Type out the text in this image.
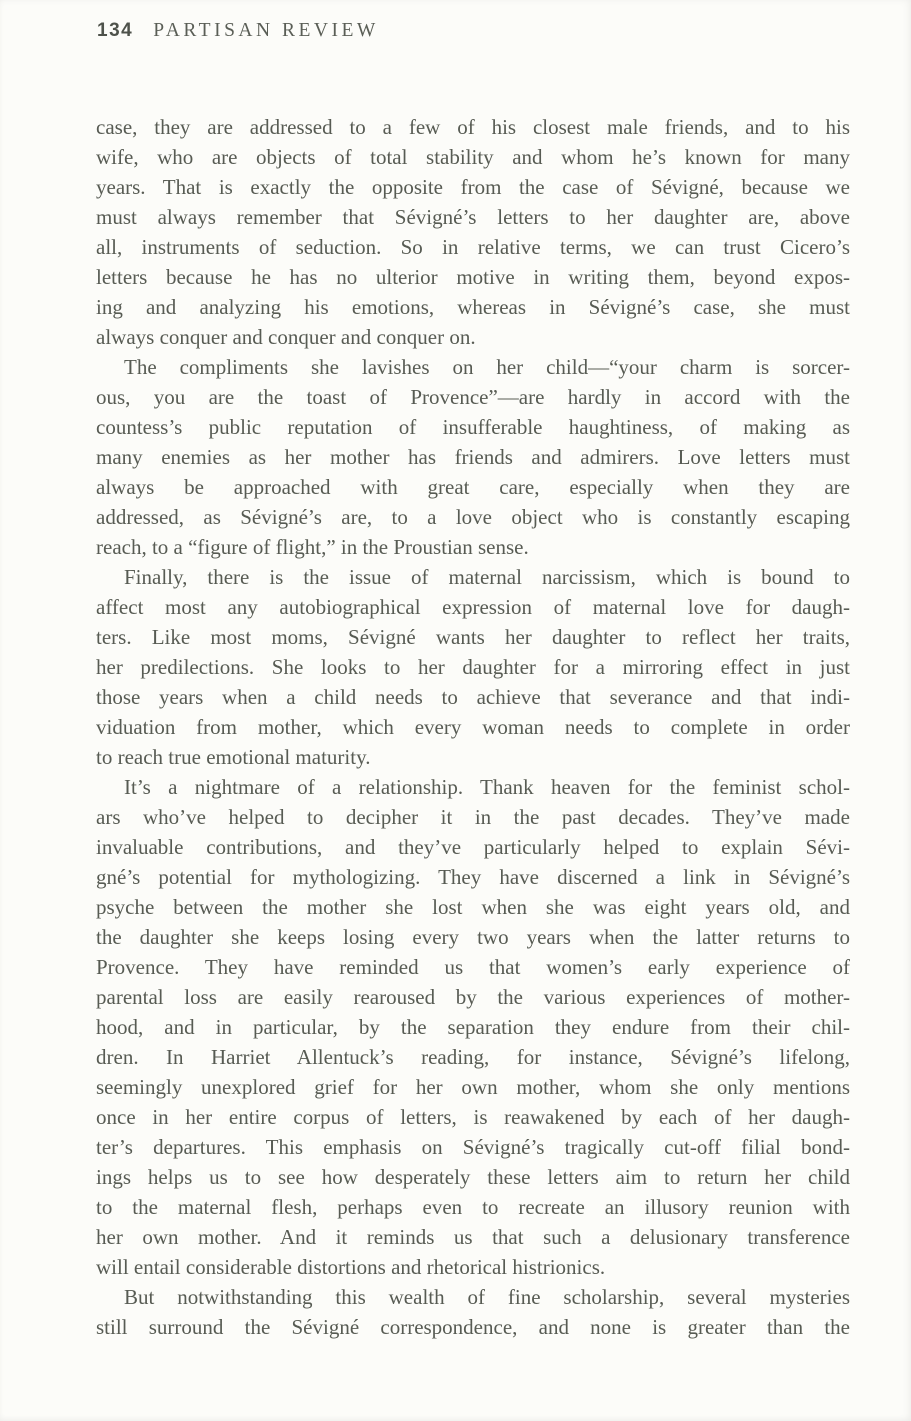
134 PARTISAN REVIEW
case, they are addressed to a few of his closest male friends, and to his
wife, who are objects of total stability and whom he’s known for many
years. That is exactly the opposite from the case of Sévigné, because we
must always remember that Sévigné’s letters to her daughter are, above
all, instruments of seduction. So in relative terms, we can trust Cicero’s
letters because he has no ulterior motive in writing them, beyond expos-
ing and analyzing his emotions, whereas in Sévigné’s case, she must
always conquer and conquer and conquer on.
The compliments she lavishes on her child—“your charm is sorcer-
ous, you are the toast of Provence”—are hardly in accord with the
countess’s public reputation of insufferable haughtiness, of making as
many enemies as her mother has friends and admirers. Love letters must
always be approached with great care, especially when they are
addressed, as Sévigné’s are, to a love object who is constantly escaping
reach, to a “figure of flight,” in the Proustian sense.
Finally, there is the issue of maternal narcissism, which is bound to
affect most any autobiographical expression of maternal love for daugh-
ters. Like most moms, Sévigné wants her daughter to reflect her traits,
her predilections. She looks to her daughter for a mirroring effect in just
those years when a child needs to achieve that severance and that indi-
viduation from mother, which every woman needs to complete in order
to reach true emotional maturity.
It’s a nightmare of a relationship. Thank heaven for the feminist schol-
ars who’ve helped to decipher it in the past decades. They’ve made
invaluable contributions, and they’ve particularly helped to explain Sévi-
gné’s potential for mythologizing. They have discerned a link in Sévigné’s
psyche between the mother she lost when she was eight years old, and
the daughter she keeps losing every two years when the latter returns to
Provence. They have reminded us that women’s early experience of
parental loss are easily rearoused by the various experiences of mother-
hood, and in particular, by the separation they endure from their chil-
dren. In Harriet Allentuck’s reading, for instance, Sévigné’s lifelong,
seemingly unexplored grief for her own mother, whom she only mentions
once in her entire corpus of letters, is reawakened by each of her daugh-
ter’s departures. This emphasis on Sévigné’s tragically cut-off filial bond-
ings helps us to see how desperately these letters aim to return her child
to the maternal flesh, perhaps even to recreate an illusory reunion with
her own mother. And it reminds us that such a delusionary transference
will entail considerable distortions and rhetorical histrionics.
But notwithstanding this wealth of fine scholarship, several mysteries
still surround the Sévigné correspondence, and none is greater than the
